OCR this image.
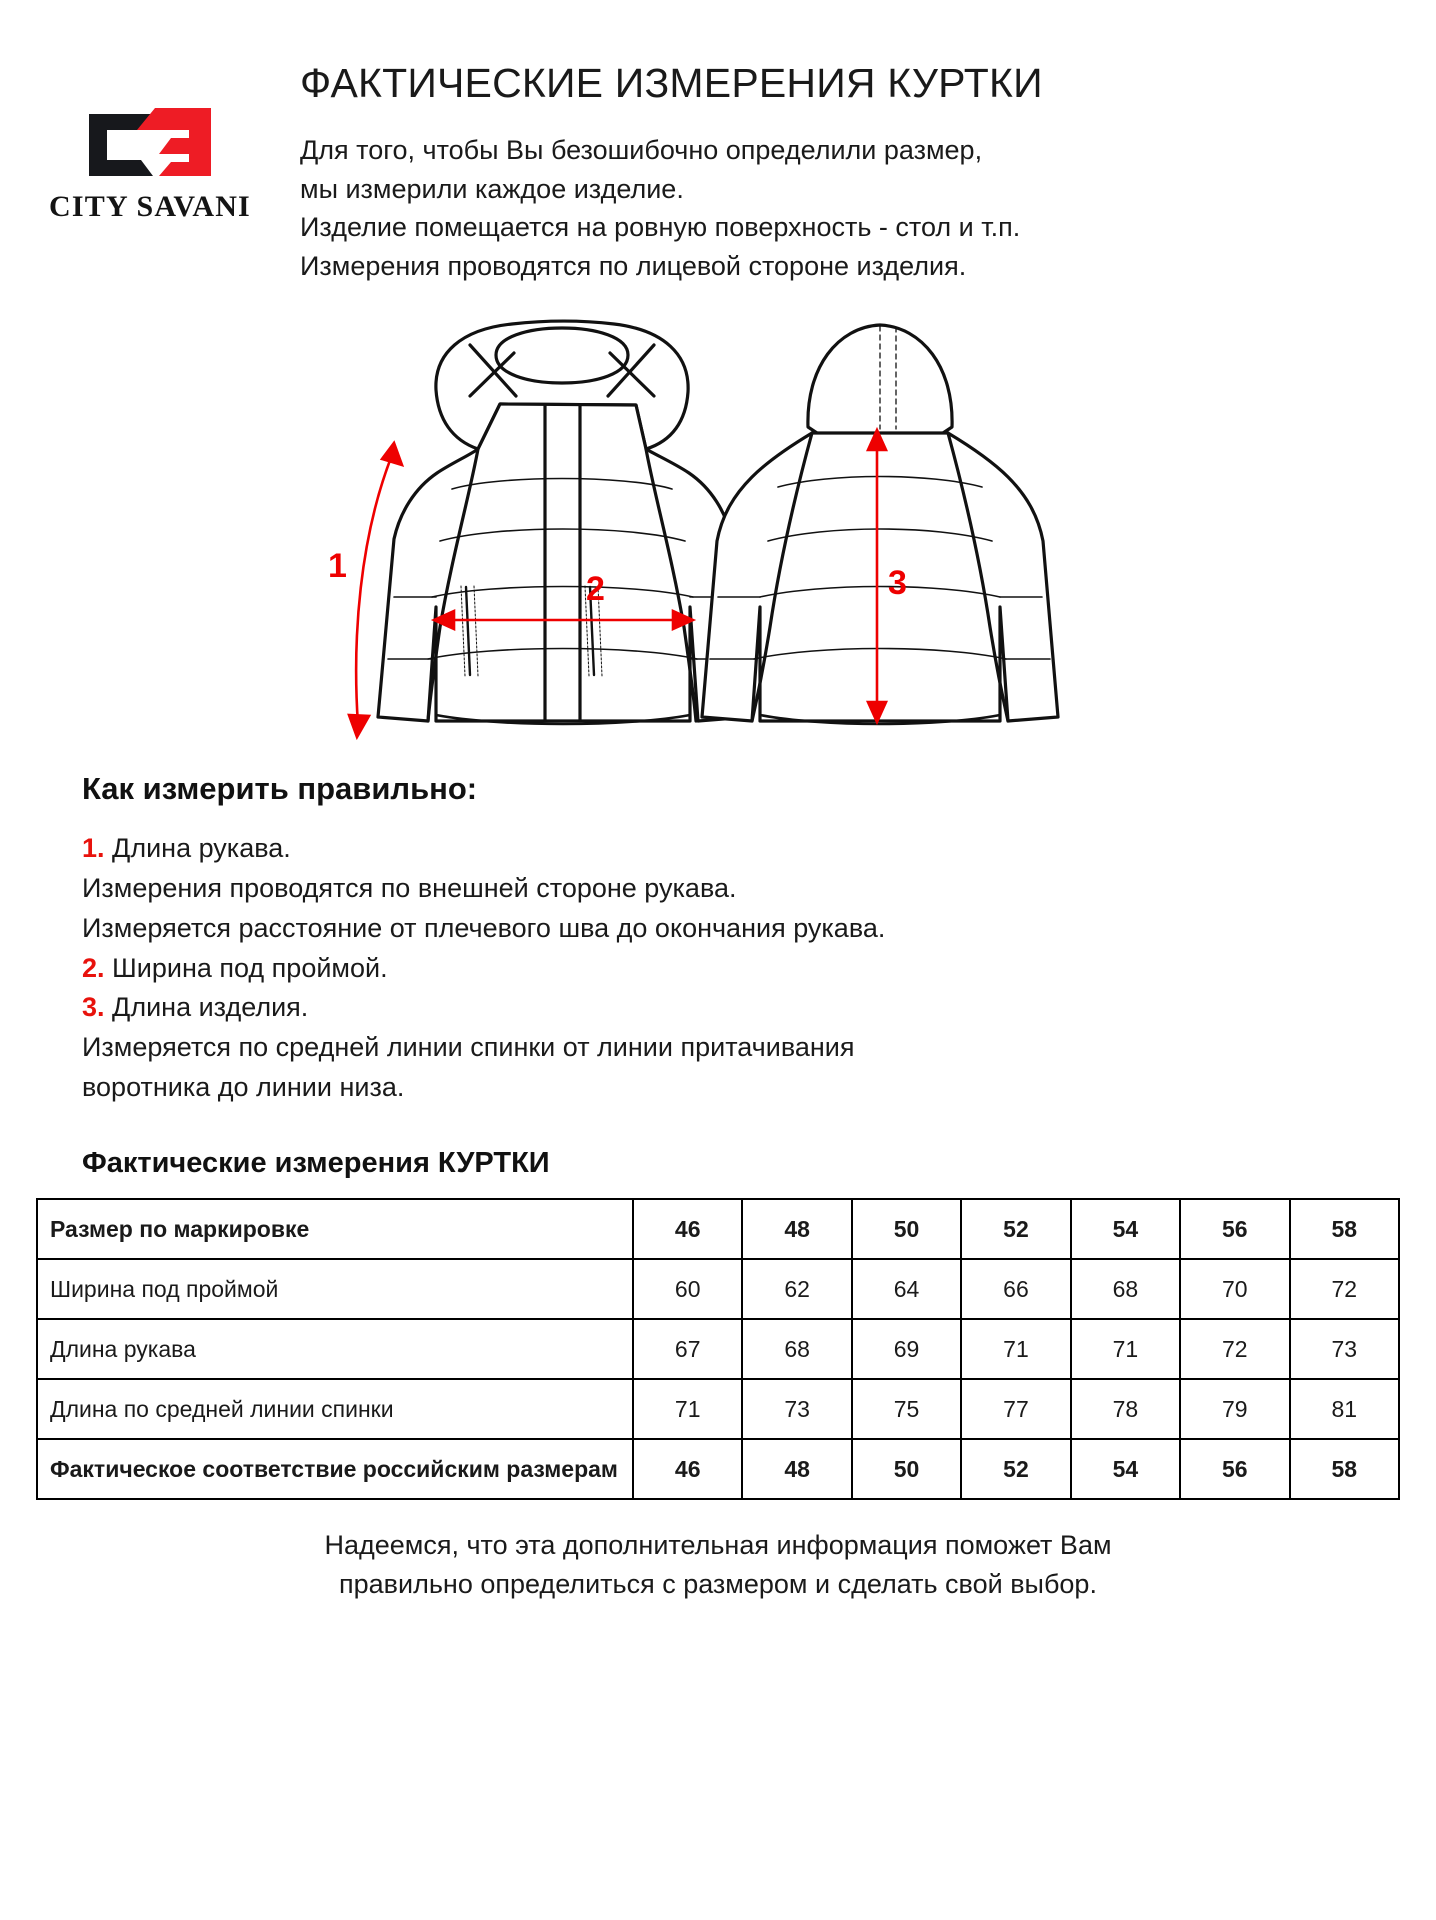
CITY SAVANI
ФАКТИЧЕСКИЕ ИЗМЕРЕНИЯ КУРТКИ
Для того, чтобы Вы безошибочно определили размер,
мы измерили каждое изделие.
Изделие помещается на ровную поверхность - стол и т.п.
Измерения проводятся по лицевой стороне изделия.
1
2	3
Как измерить правильно:
1. Длина рукава.
Измерения проводятся по внешней стороне рукава.
Измеряется расстояние от плечевого шва до окончания рукава.
2. Ширина под проймой.
3. Длина изделия.
Измеряется по средней линии спинки от линии притачивания
воротника до линии низа.
Фактические измерения КУРТКИ
Размер по маркировке	46	48	50	52	54	56	58
Ширина под проймой	60	62	64	66	68	70	72
Длина рукава	67	68	69	71	71	72	73
Длина по средней линии спинки	71	73	75	77	78	79	81
Фактическое соответствие российским размерам	46	48	50	52	54	56	58
Надеемся, что эта дополнительная информация поможет Вам
правильно определиться с размером и сделать свой выбор.
